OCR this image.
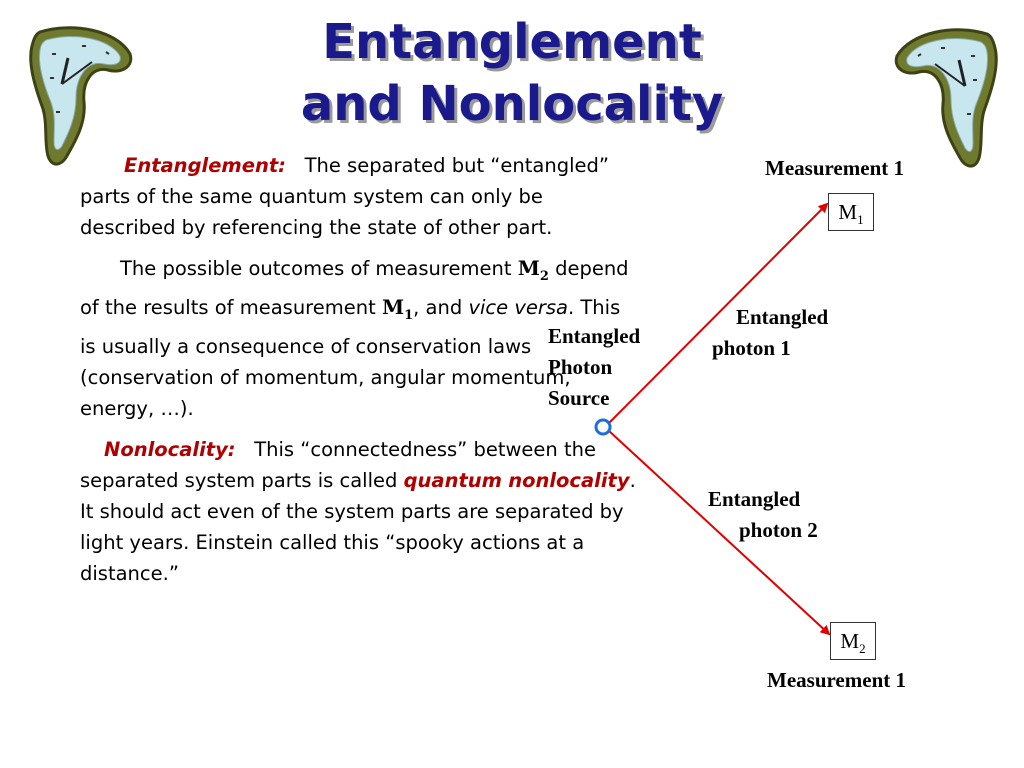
Entanglement
and Nonlocality

Entanglement: The separated but “entangled” parts of the same quantum system can only be described by referencing the state of other part.

The possible outcomes of measurement $M_2$ depend of the results of measurement $M_1$, and vice versa. This is usually a consequence of conservation laws (conservation of momentum, angular momentum, energy, …).

Nonlocality: This “connectedness” between the separated system parts is called quantum nonlocality. It should act even of the system parts are separated by light years. Einstein called this “spooky actions at a distance.”

Measurement 1
$M_1$
Entangled
photon 1
Entangled
Photon
Source
Entangled
photon 2
$M_2$
Measurement 1
